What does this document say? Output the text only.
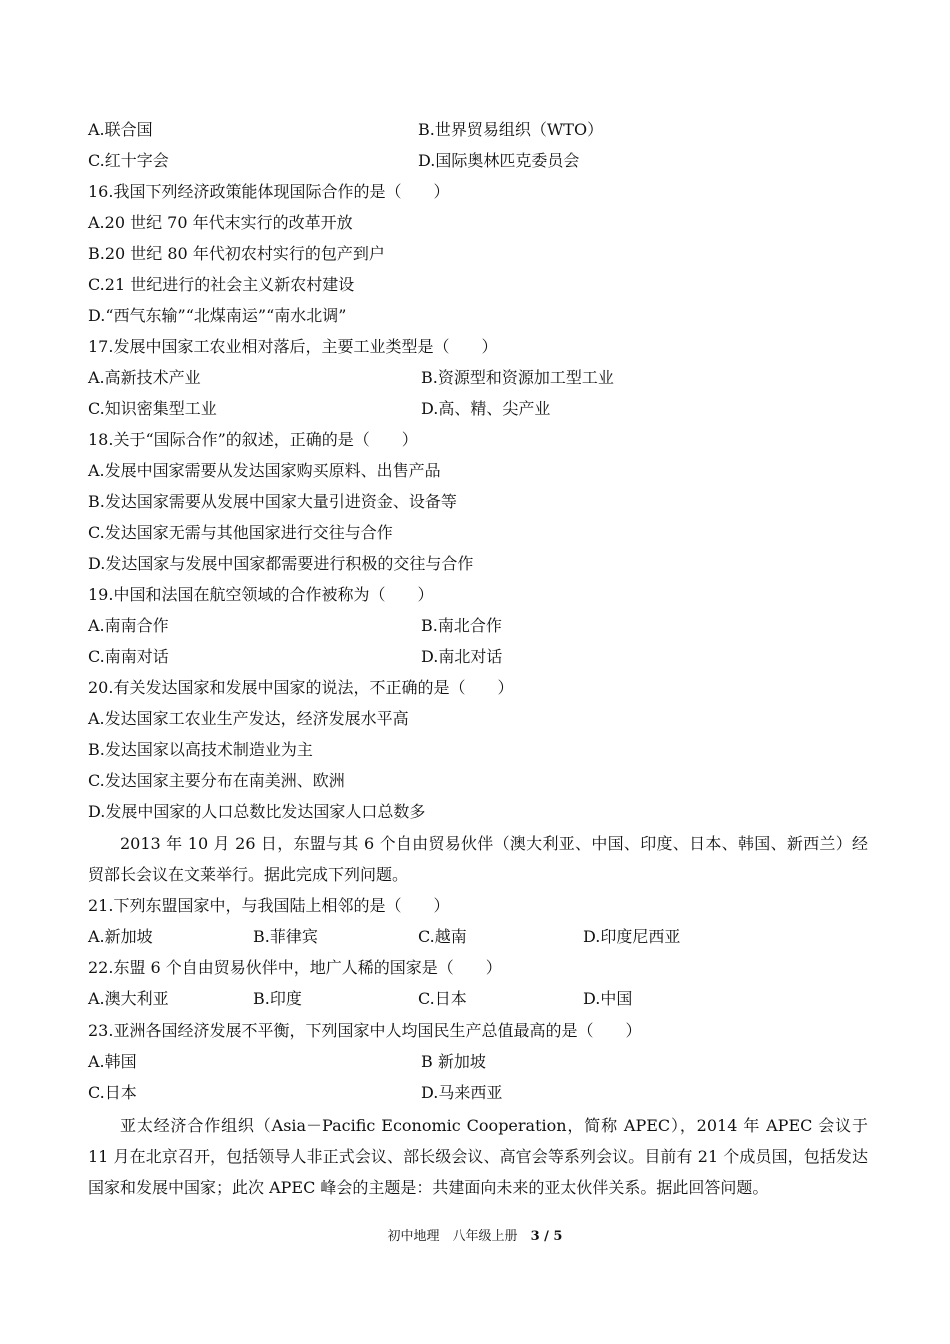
A.联合国	B.世界贸易组织（WTO）
C.红十字会	D.国际奥林匹克委员会
16.我国下列经济政策能体现国际合作的是（　　）
A.20 世纪 70 年代末实行的改革开放
B.20 世纪 80 年代初农村实行的包产到户
C.21 世纪进行的社会主义新农村建设
D.“西气东输”“北煤南运”“南水北调”
17.发展中国家工农业相对落后，主要工业类型是（　　）
A.高新技术产业	B.资源型和资源加工型工业
C.知识密集型工业	D.高、精、尖产业
18.关于“国际合作”的叙述，正确的是（　　）
A.发展中国家需要从发达国家购买原料、出售产品
B.发达国家需要从发展中国家大量引进资金、设备等
C.发达国家无需与其他国家进行交往与合作
D.发达国家与发展中国家都需要进行积极的交往与合作
19.中国和法国在航空领域的合作被称为（　　）
A.南南合作	B.南北合作
C.南南对话	D.南北对话
20.有关发达国家和发展中国家的说法，不正确的是（　　）
A.发达国家工农业生产发达，经济发展水平高
B.发达国家以高技术制造业为主
C.发达国家主要分布在南美洲、欧洲
D.发展中国家的人口总数比发达国家人口总数多
2013 年 10 月 26 日，东盟与其 6 个自由贸易伙伴（澳大利亚、中国、印度、日本、韩国、新西兰）经贸部长会议在文莱举行。据此完成下列问题。
21.下列东盟国家中，与我国陆上相邻的是（　　）
A.新加坡	B.菲律宾	C.越南	D.印度尼西亚
22.东盟 6 个自由贸易伙伴中，地广人稀的国家是（　　）
A.澳大利亚	B.印度	C.日本	D.中国
23.亚洲各国经济发展不平衡，下列国家中人均国民生产总值最高的是（　　）
A.韩国	B 新加坡
C.日本	D.马来西亚
亚太经济合作组织（Asia－Pacific Economic Cooperation，简称 APEC），2014 年 APEC 会议于 11 月在北京召开，包括领导人非正式会议、部长级会议、高官会等系列会议。目前有 21 个成员国，包括发达国家和发展中国家；此次 APEC 峰会的主题是：共建面向未来的亚太伙伴关系。据此回答问题。
初中地理　八年级上册　 3 / 5
